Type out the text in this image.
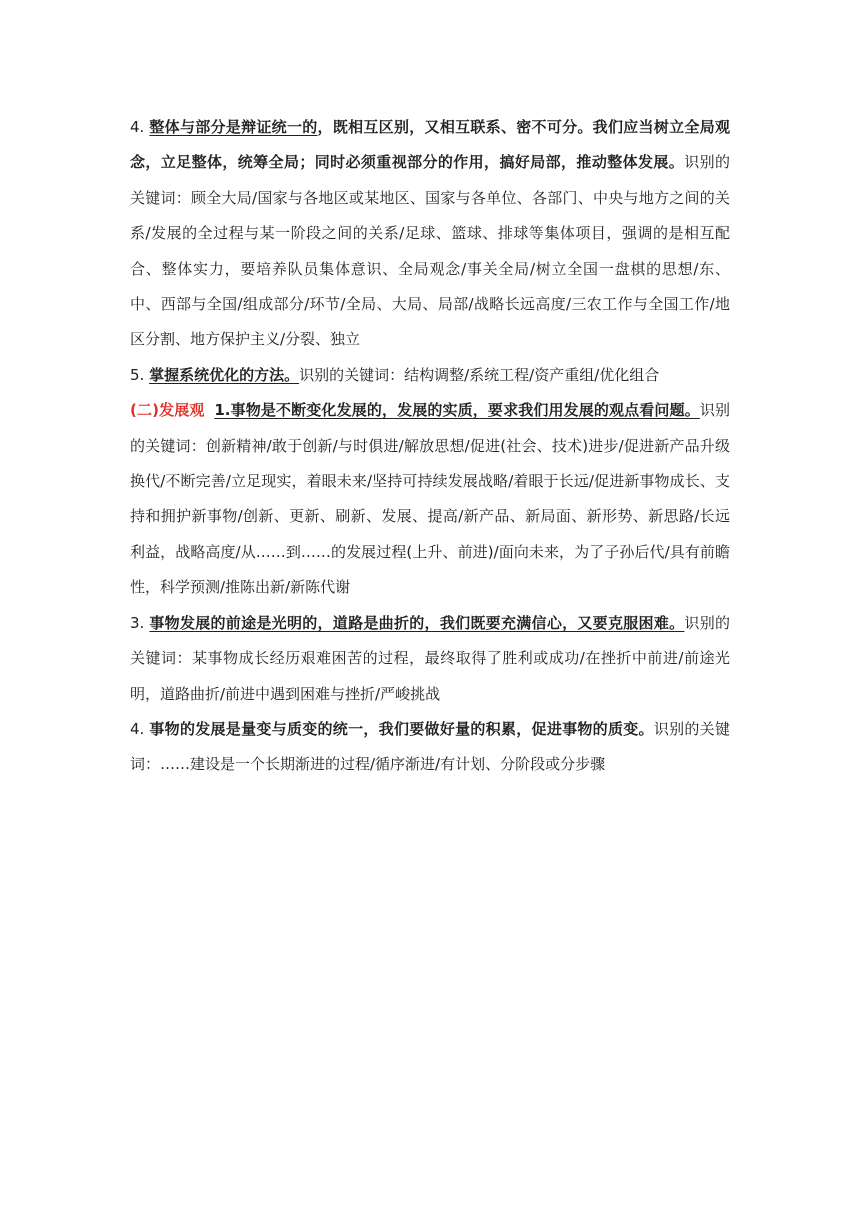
4. 整体与部分是辩证统一的，既相互区别，又相互联系、密不可分。我们应当树立全局观念，立足整体，统筹全局；同时必须重视部分的作用，搞好局部，推动整体发展。识别的关键词：顾全大局/国家与各地区或某地区、国家与各单位、各部门、中央与地方之间的关系/发展的全过程与某一阶段之间的关系/足球、篮球、排球等集体项目，强调的是相互配合、整体实力，要培养队员集体意识、全局观念/事关全局/树立全国一盘棋的思想/东、中、西部与全国/组成部分/环节/全局、大局、局部/战略长远高度/三农工作与全国工作/地区分割、地方保护主义/分裂、独立

5. 掌握系统优化的方法。识别的关键词：结构调整/系统工程/资产重组/优化组合

(二)发展观 1.事物是不断变化发展的，发展的实质，要求我们用发展的观点看问题。识别的关键词：创新精神/敢于创新/与时俱进/解放思想/促进(社会、技术)进步/促进新产品升级换代/不断完善/立足现实，着眼未来/坚持可持续发展战略/着眼于长远/促进新事物成长、支持和拥护新事物/创新、更新、刷新、发展、提高/新产品、新局面、新形势、新思路/长远利益，战略高度/从……到……的发展过程(上升、前进)/面向未来，为了子孙后代/具有前瞻性，科学预测/推陈出新/新陈代谢

3. 事物发展的前途是光明的，道路是曲折的，我们既要充满信心，又要克服困难。识别的关键词：某事物成长经历艰难困苦的过程，最终取得了胜利或成功/在挫折中前进/前途光明，道路曲折/前进中遇到困难与挫折/严峻挑战

4. 事物的发展是量变与质变的统一，我们要做好量的积累，促进事物的质变。识别的关键词：……建设是一个长期渐进的过程/循序渐进/有计划、分阶段或分步骤
